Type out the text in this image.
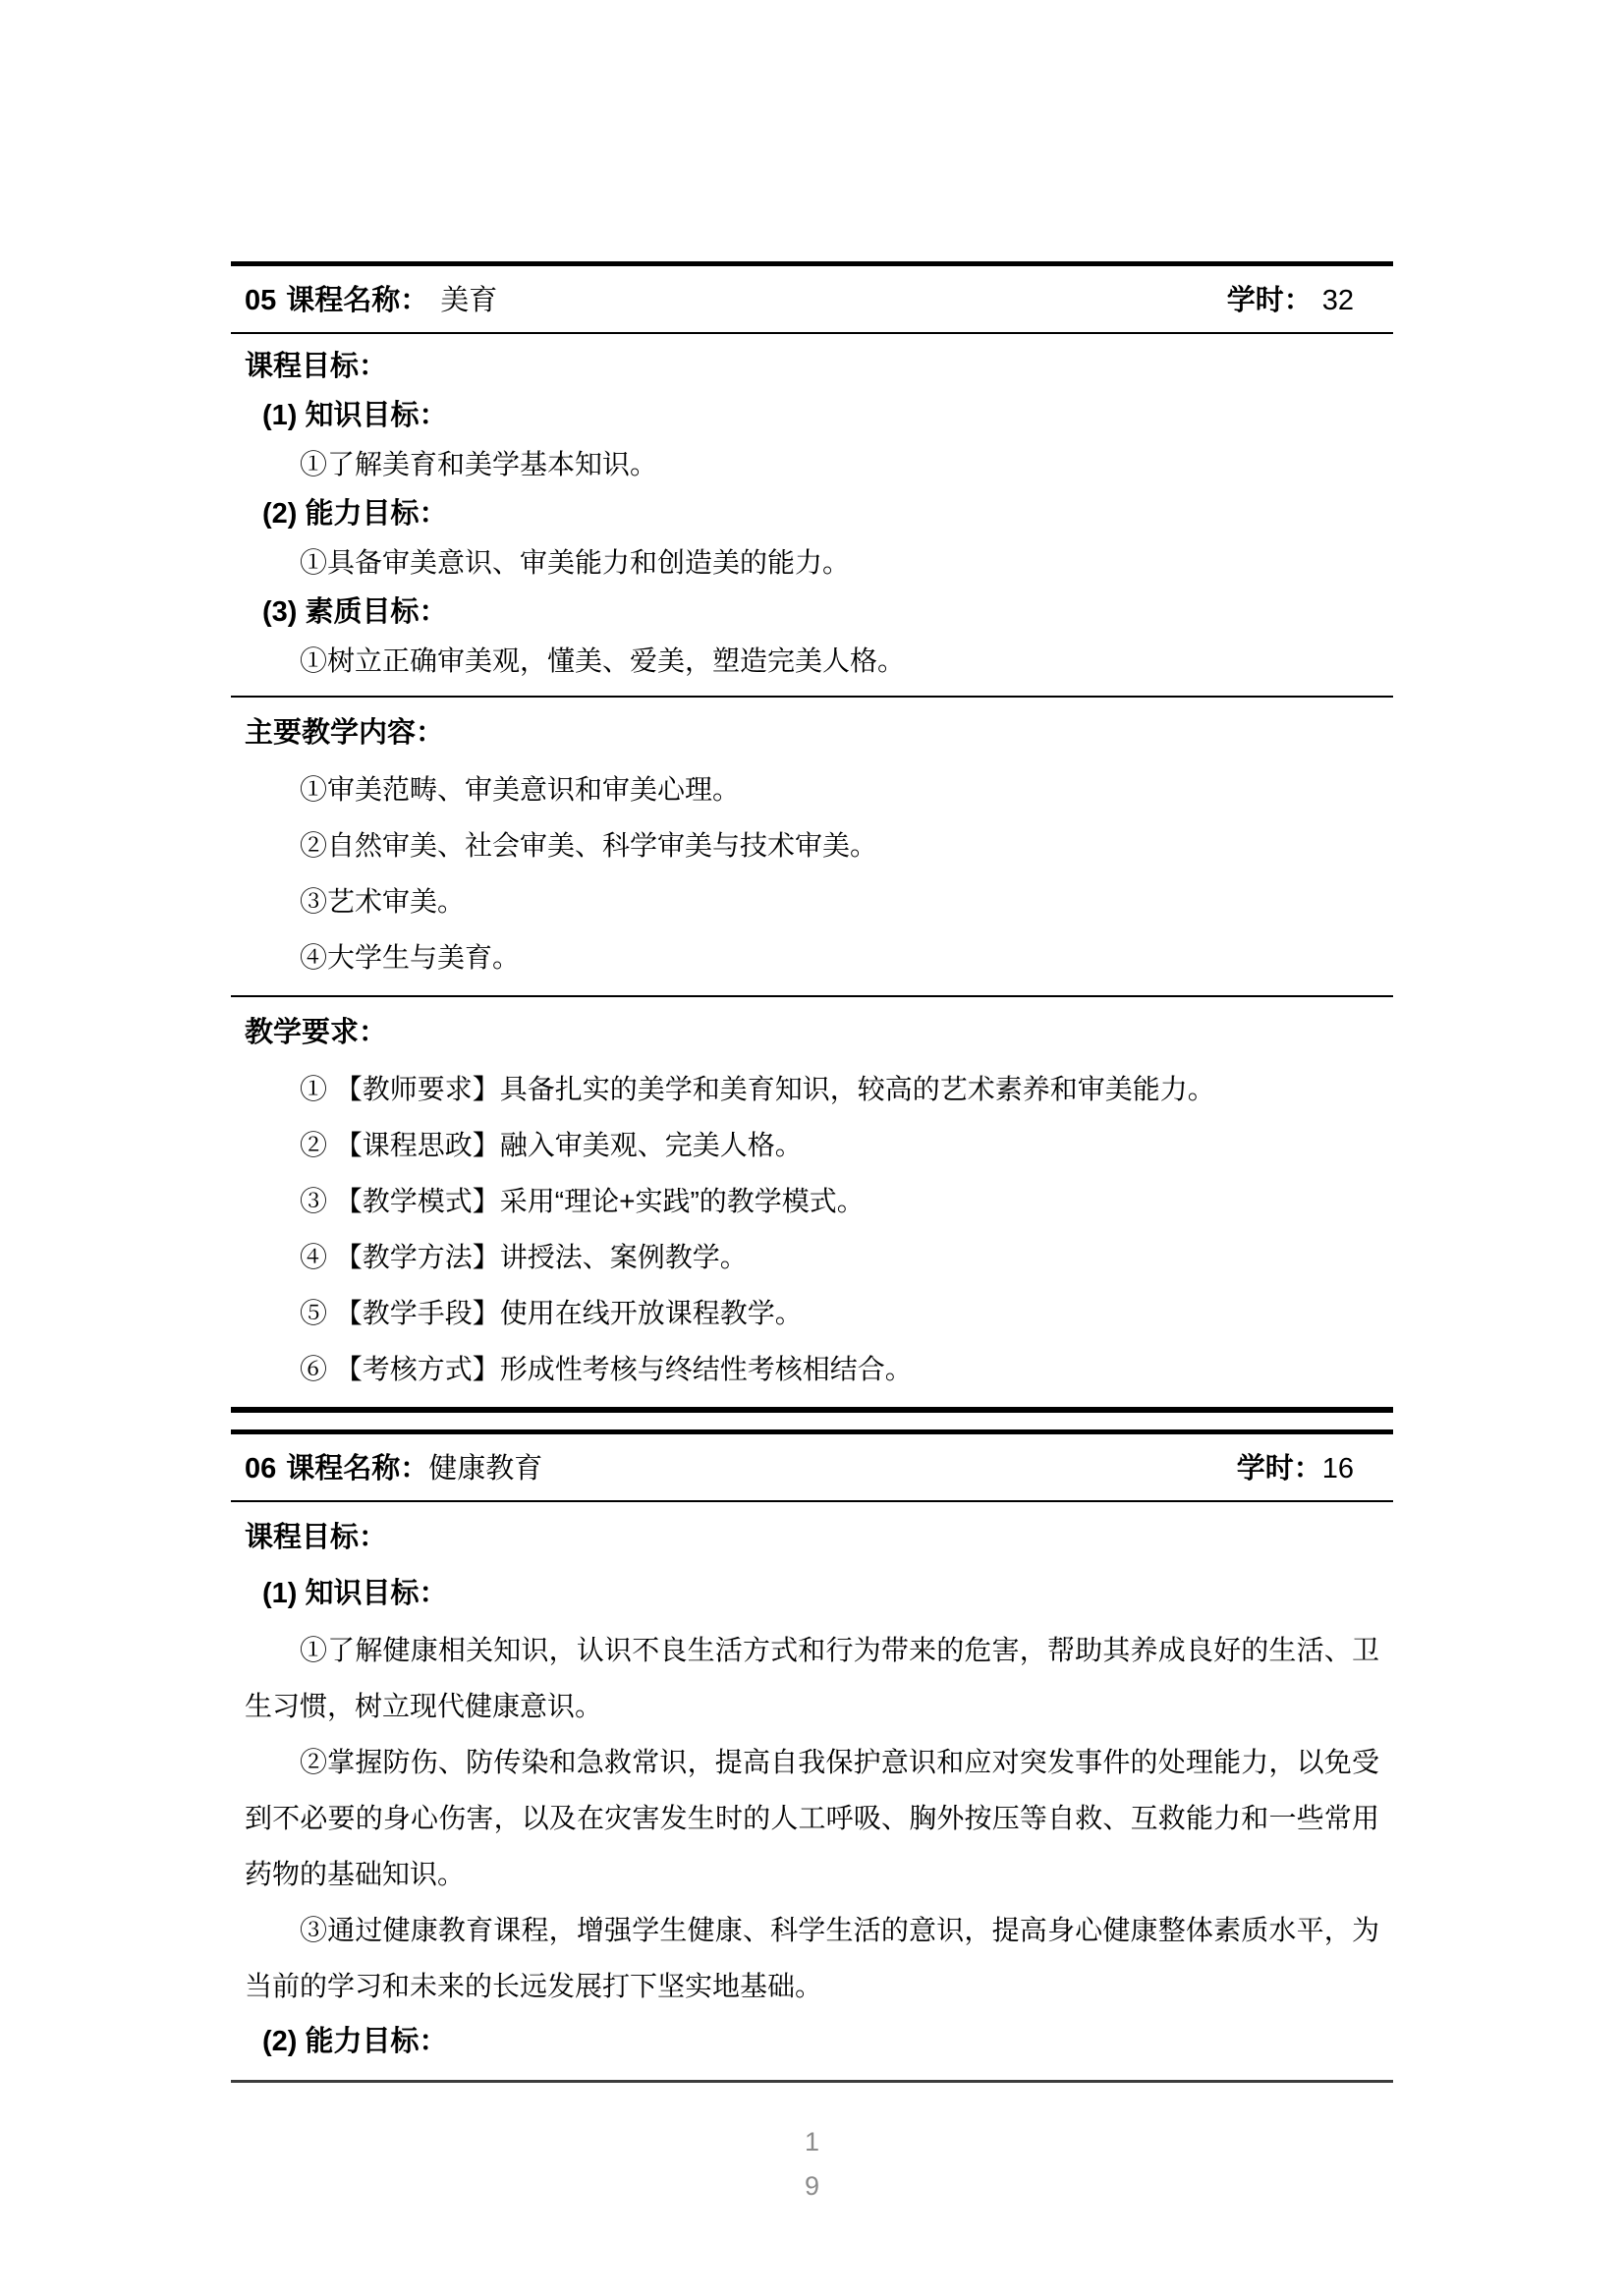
05 课程名称： 美育	学时： 32
课程目标：
(1) 知识目标：
①了解美育和美学基本知识。
(2) 能力目标：
①具备审美意识、审美能力和创造美的能力。
(3) 素质目标：
①树立正确审美观，懂美、爱美，塑造完美人格。
主要教学内容：
①审美范畴、审美意识和审美心理。
②自然审美、社会审美、科学审美与技术审美。
③艺术审美。
④大学生与美育。
教学要求：
① 【教师要求】具备扎实的美学和美育知识，较高的艺术素养和审美能力。
② 【课程思政】融入审美观、完美人格。
③ 【教学模式】采用“理论+实践”的教学模式。
④ 【教学方法】讲授法、案例教学。
⑤ 【教学手段】使用在线开放课程教学。
⑥ 【考核方式】形成性考核与终结性考核相结合。
06 课程名称：健康教育	学时：16
课程目标：
(1) 知识目标：
①了解健康相关知识，认识不良生活方式和行为带来的危害，帮助其养成良好的生活、卫生习惯，树立现代健康意识。
②掌握防伤、防传染和急救常识，提高自我保护意识和应对突发事件的处理能力，以免受到不必要的身心伤害，以及在灾害发生时的人工呼吸、胸外按压等自救、互救能力和一些常用药物的基础知识。
③通过健康教育课程，增强学生健康、科学生活的意识，提高身心健康整体素质水平，为当前的学习和未来的长远发展打下坚实地基础。
(2) 能力目标：
1
9
